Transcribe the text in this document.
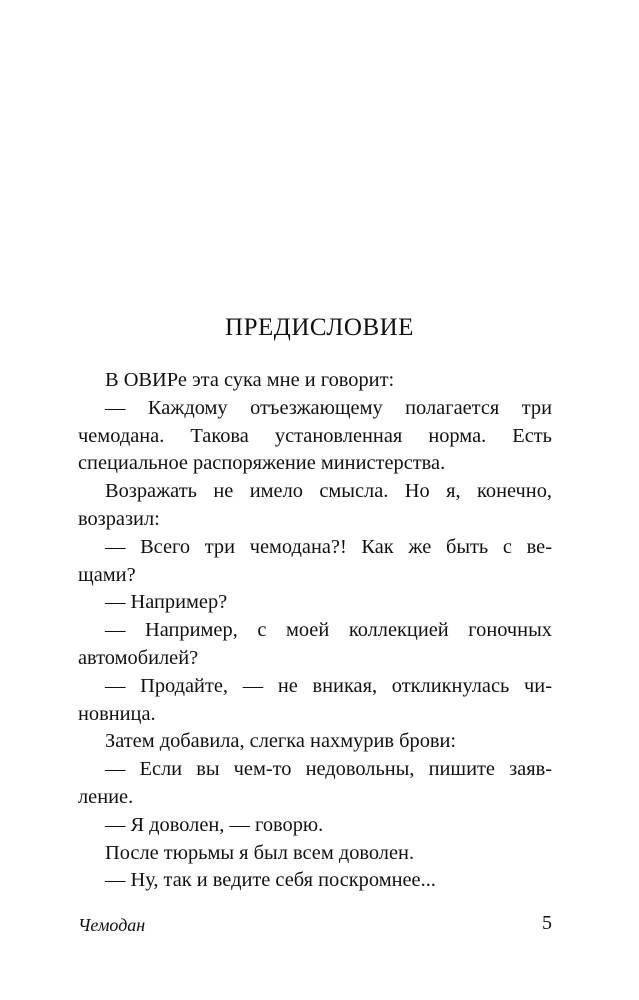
ПРЕДИСЛОВИЕ
В ОВИРе эта сука мне и говорит:
— Каждому отъезжающему полагается три
чемодана. Такова установленная норма. Есть
специальное распоряжение министерства.
Возражать не имело смысла. Но я, конечно,
возразил:
— Всего три чемодана?! Как же быть с ве-
щами?
— Например?
— Например, с моей коллекцией гоночных
автомобилей?
— Продайте, — не вникая, откликнулась чи-
новница.
Затем добавила, слегка нахмурив брови:
— Если вы чем-то недовольны, пишите заяв-
ление.
— Я доволен, — говорю.
После тюрьмы я был всем доволен.
— Ну, так и ведите себя поскромнее...
Чемодан	5
